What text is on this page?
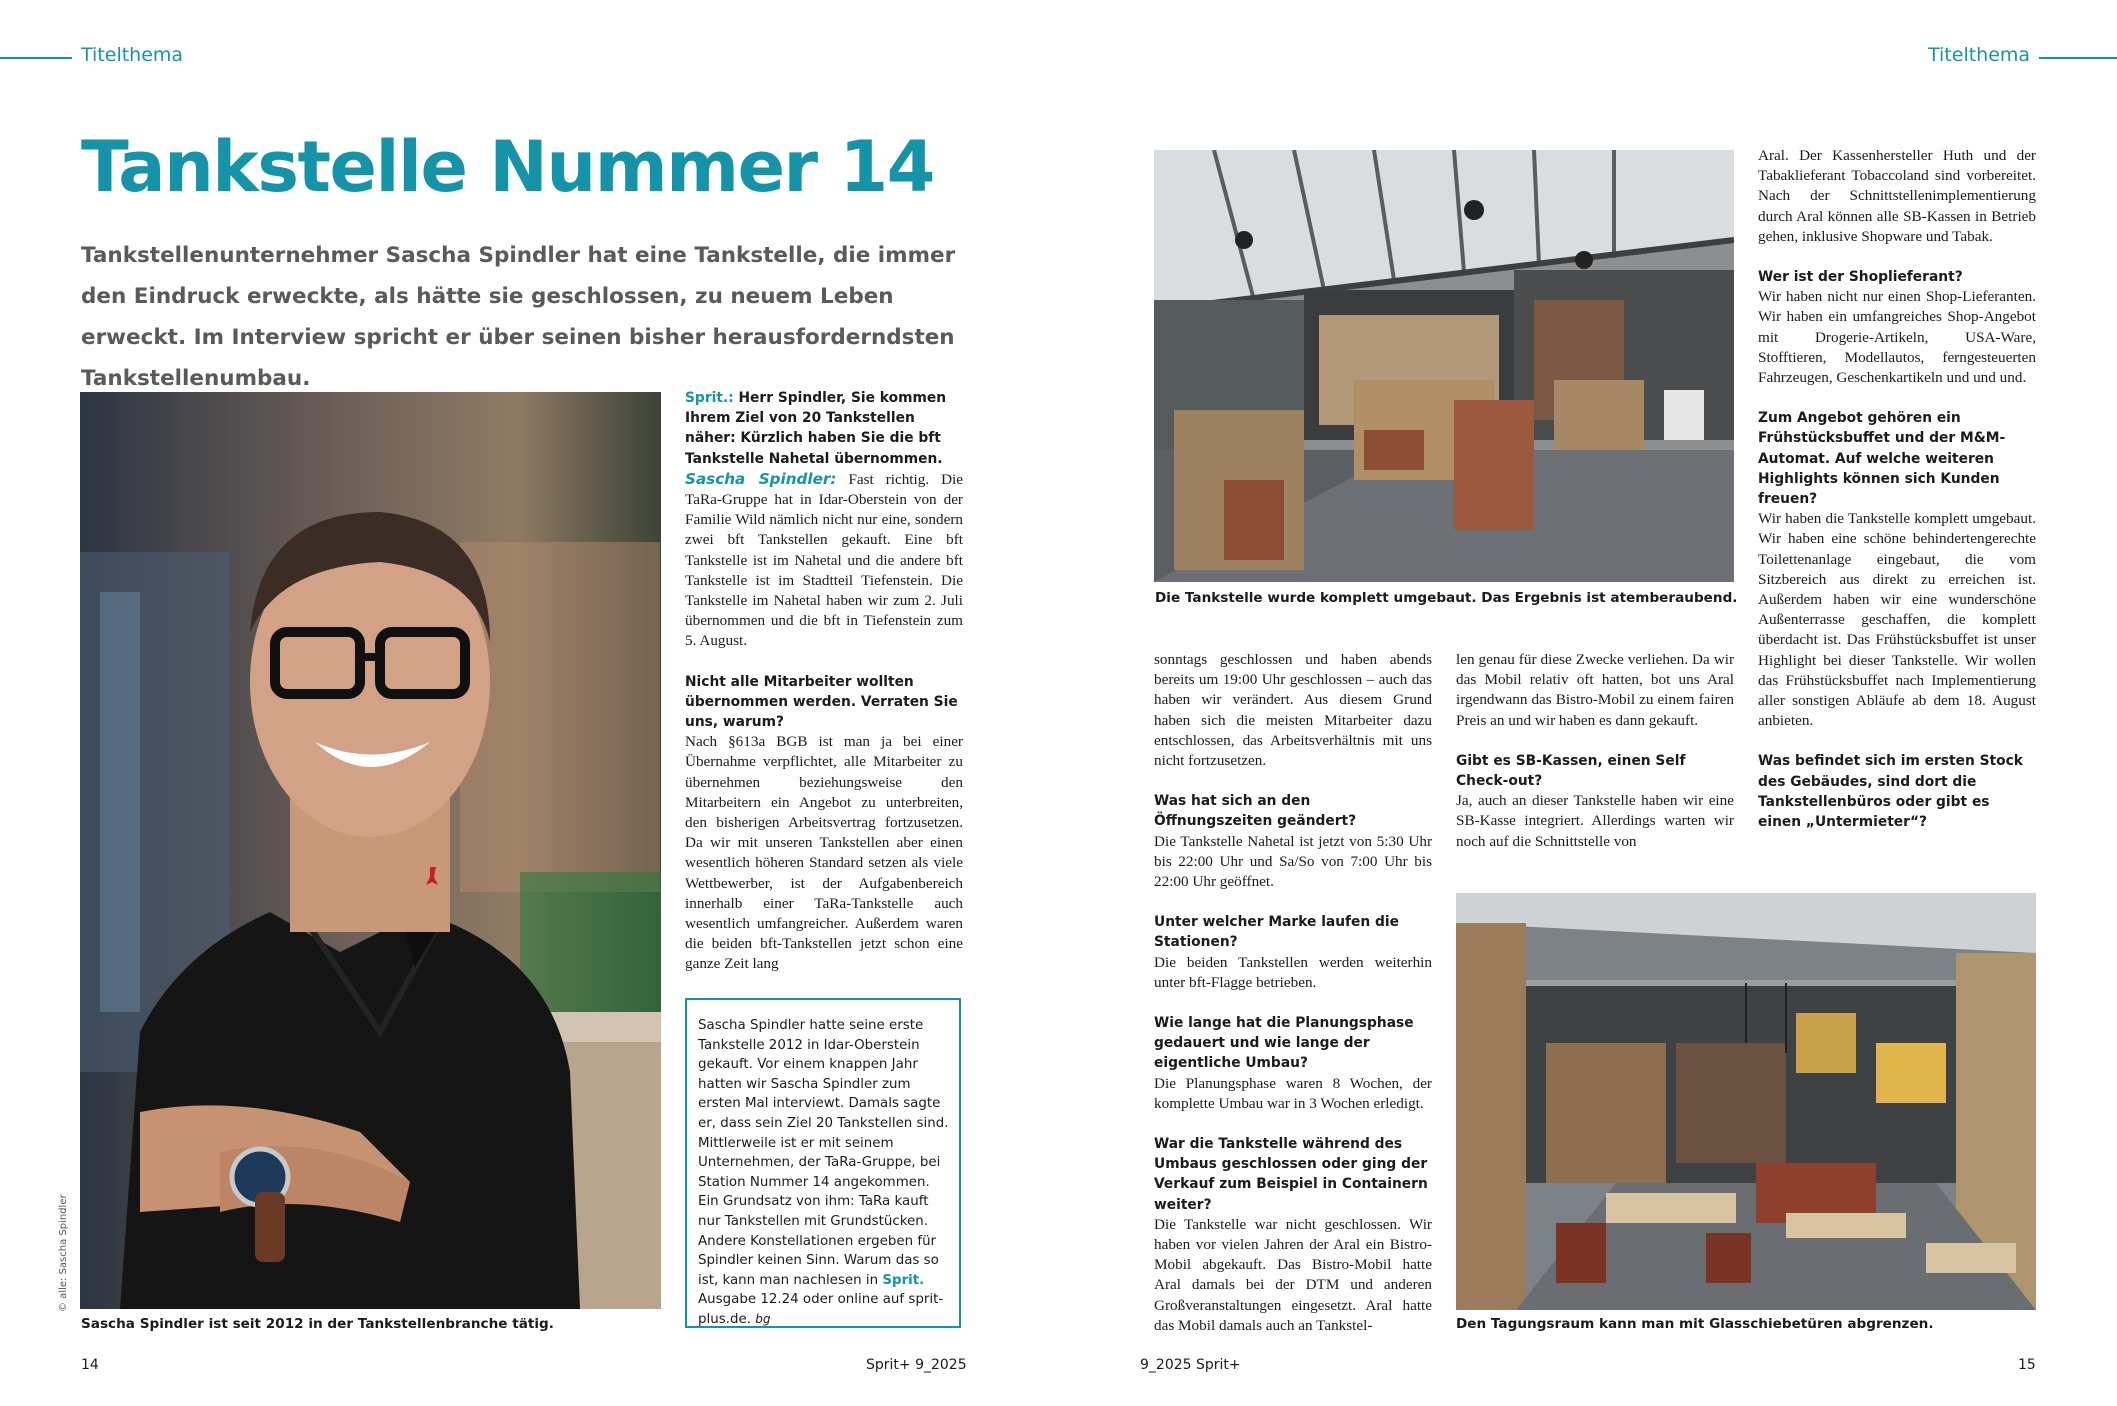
Titelthema	Titelthema
Tankstelle Nummer 14

Tankstellenunternehmer Sascha Spindler hat eine Tankstelle, die immer den Eindruck erweckte, als hätte sie geschlossen, zu neuem Leben erweckt. Im Interview spricht er über seinen bisher herausforderndsten Tankstellenumbau.

© alle: Sascha Spindler
Sascha Spindler ist seit 2012 in der Tankstellenbranche tätig.

Sprit.: Herr Spindler, Sie kommen Ihrem Ziel von 20 Tankstellen näher: Kürzlich haben Sie die bft Tankstelle Nahetal übernommen.

Sascha Spindler: Fast richtig. Die TaRa-Gruppe hat in Idar-Oberstein von der Familie Wild nämlich nicht nur eine, sondern zwei bft Tankstellen gekauft. Eine bft Tankstelle ist im Nahetal und die andere bft Tankstelle ist im Stadtteil Tiefenstein. Die Tankstelle im Nahetal haben wir zum 2. Juli übernommen und die bft in Tiefenstein zum 5. August.

Nicht alle Mitarbeiter wollten übernommen werden. Verraten Sie uns, warum?

Nach §613a BGB ist man ja bei einer Übernahme verpflichtet, alle Mitarbeiter zu übernehmen beziehungsweise den Mitarbeitern ein Angebot zu unterbreiten, den bisherigen Arbeitsvertrag fortzusetzen. Da wir mit unseren Tankstellen aber einen wesentlich höheren Standard setzen als viele Wettbewerber, ist der Aufgabenbereich innerhalb einer TaRa-Tankstelle auch wesentlich umfangreicher. Außerdem waren die beiden bft-Tankstellen jetzt schon eine ganze Zeit lang

Sascha Spindler hatte seine erste Tankstelle 2012 in Idar-Oberstein gekauft. Vor einem knappen Jahr hatten wir Sascha Spindler zum ersten Mal interviewt. Damals sagte er, dass sein Ziel 20 Tankstellen sind. Mittlerweile ist er mit seinem Unternehmen, der TaRa-Gruppe, bei Station Nummer 14 angekommen. Ein Grundsatz von ihm: TaRa kauft nur Tankstellen mit Grundstücken. Andere Konstellationen ergeben für Spindler keinen Sinn. Warum das so ist, kann man nachlesen in Sprit. Ausgabe 12.24 oder online auf sprit-plus.de. bg
Die Tankstelle wurde komplett umgebaut. Das Ergebnis ist atemberaubend.

sonntags geschlossen und haben abends bereits um 19:00 Uhr geschlossen – auch das haben wir verändert. Aus diesem Grund haben sich die meisten Mitarbeiter dazu entschlossen, das Arbeitsverhältnis mit uns nicht fortzusetzen.

Was hat sich an den Öffnungszeiten geändert?

Die Tankstelle Nahetal ist jetzt von 5:30 Uhr bis 22:00 Uhr und Sa/So von 7:00 Uhr bis 22:00 Uhr geöffnet.

Unter welcher Marke laufen die Stationen?

Die beiden Tankstellen werden weiterhin unter bft-Flagge betrieben.

Wie lange hat die Planungsphase gedauert und wie lange der eigentliche Umbau?

Die Planungsphase waren 8 Wochen, der komplette Umbau war in 3 Wochen erledigt.

War die Tankstelle während des Umbaus geschlossen oder ging der Verkauf zum Beispiel in Containern weiter?

Die Tankstelle war nicht geschlossen. Wir haben vor vielen Jahren der Aral ein Bistro-Mobil abgekauft. Das Bistro-Mobil hatte Aral damals bei der DTM und anderen Großveranstaltungen eingesetzt. Aral hatte das Mobil damals auch an Tankstel-

len genau für diese Zwecke verliehen. Da wir das Mobil relativ oft hatten, bot uns Aral irgendwann das Bistro-Mobil zu einem fairen Preis an und wir haben es dann gekauft.

Gibt es SB-Kassen, einen Self Check-out?

Ja, auch an dieser Tankstelle haben wir eine SB-Kasse integriert. Allerdings warten wir noch auf die Schnittstelle von

Aral. Der Kassenhersteller Huth und der Tabaklieferant Tobaccoland sind vorbereitet. Nach der Schnittstellenimplementierung durch Aral können alle SB-Kassen in Betrieb gehen, inklusive Shopware und Tabak.

Wer ist der Shoplieferant?

Wir haben nicht nur einen Shop-Lieferanten. Wir haben ein umfangreiches Shop-Angebot mit Drogerie-Artikeln, USA-Ware, Stofftieren, Modellautos, ferngesteuerten Fahrzeugen, Geschenkartikeln und und und.

Zum Angebot gehören ein Frühstücksbuffet und der M&M-Automat. Auf welche weiteren Highlights können sich Kunden freuen?

Wir haben die Tankstelle komplett umgebaut. Wir haben eine schöne behindertengerechte Toilettenanlage eingebaut, die vom Sitzbereich aus direkt zu erreichen ist. Außerdem haben wir eine wunderschöne Außenterrasse geschaffen, die komplett überdacht ist. Das Frühstücksbuffet ist unser Highlight bei dieser Tankstelle. Wir wollen das Frühstücksbuffet nach Implementierung aller sonstigen Abläufe ab dem 18. August anbieten.

Was befindet sich im ersten Stock des Gebäudes, sind dort die Tankstellenbüros oder gibt es einen „Untermieter“?

Den Tagungsraum kann man mit Glasschiebetüren abgrenzen.
14	Sprit+ 9_2025	9_2025 Sprit+	15
